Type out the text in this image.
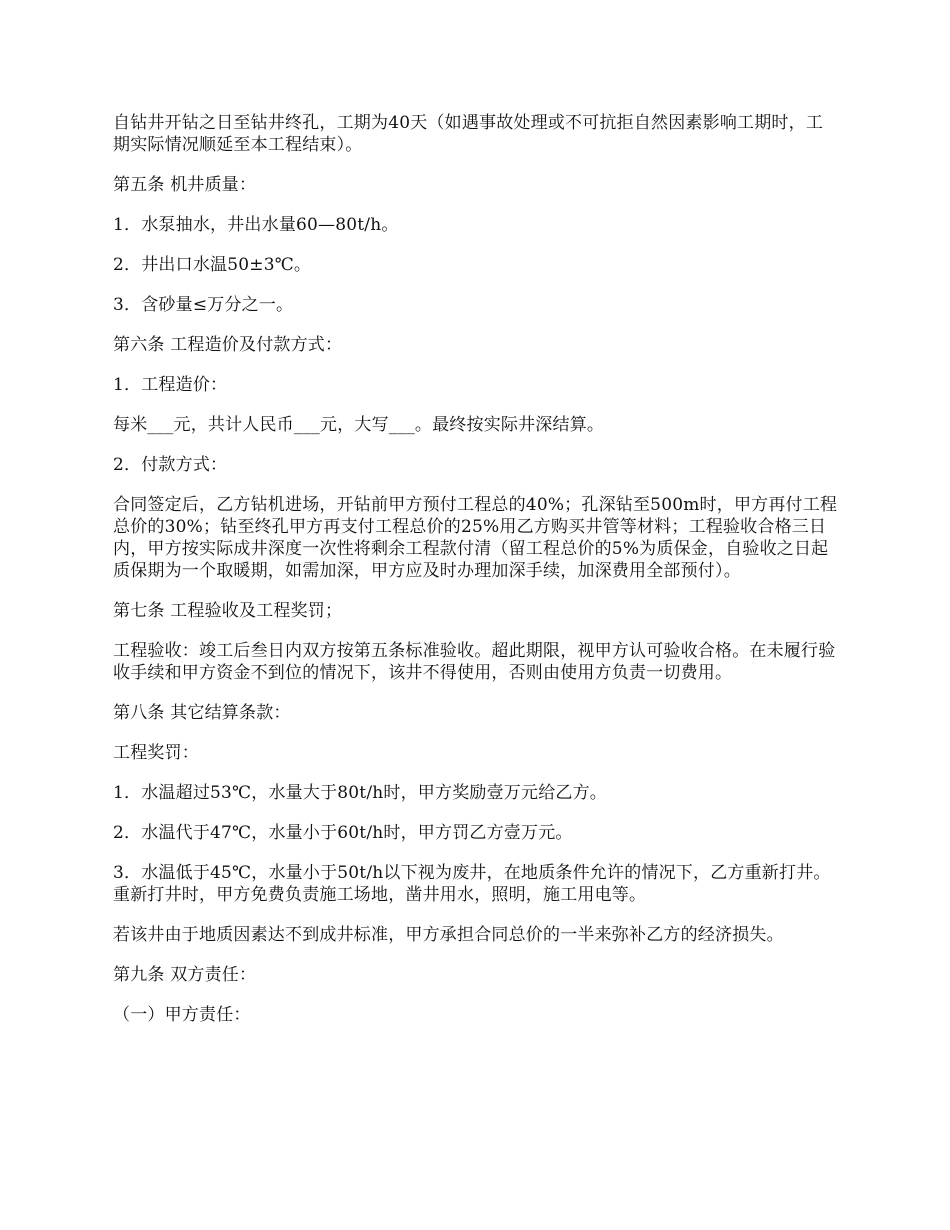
自钻井开钻之日至钻井终孔，工期为40天（如遇事故处理或不可抗拒自然因素影响工期时，工期实际情况顺延至本工程结束）。

第五条 机井质量：

1．水泵抽水，井出水量60—80t/h。

2．井出口水温50±3℃。

3．含砂量≤万分之一。

第六条 工程造价及付款方式：

1．工程造价：

每米___元，共计人民币___元，大写___。最终按实际井深结算。

2．付款方式：

合同签定后，乙方钻机进场，开钻前甲方预付工程总的40%；孔深钻至500m时，甲方再付工程总价的30%；钻至终孔甲方再支付工程总价的25%用乙方购买井管等材料；工程验收合格三日内，甲方按实际成井深度一次性将剩余工程款付清（留工程总价的5%为质保金，自验收之日起质保期为一个取暖期，如需加深，甲方应及时办理加深手续，加深费用全部预付）。

第七条 工程验收及工程奖罚；

工程验收：竣工后叁日内双方按第五条标准验收。超此期限，视甲方认可验收合格。在未履行验收手续和甲方资金不到位的情况下，该井不得使用，否则由使用方负责一切费用。

第八条 其它结算条款：

工程奖罚：

1．水温超过53℃，水量大于80t/h时，甲方奖励壹万元给乙方。

2．水温代于47℃，水量小于60t/h时，甲方罚乙方壹万元。

3．水温低于45℃，水量小于50t/h以下视为废井，在地质条件允许的情况下，乙方重新打井。重新打井时，甲方免费负责施工场地，凿井用水，照明，施工用电等。

若该井由于地质因素达不到成井标准，甲方承担合同总价的一半来弥补乙方的经济损失。

第九条 双方责任：

（一）甲方责任：
